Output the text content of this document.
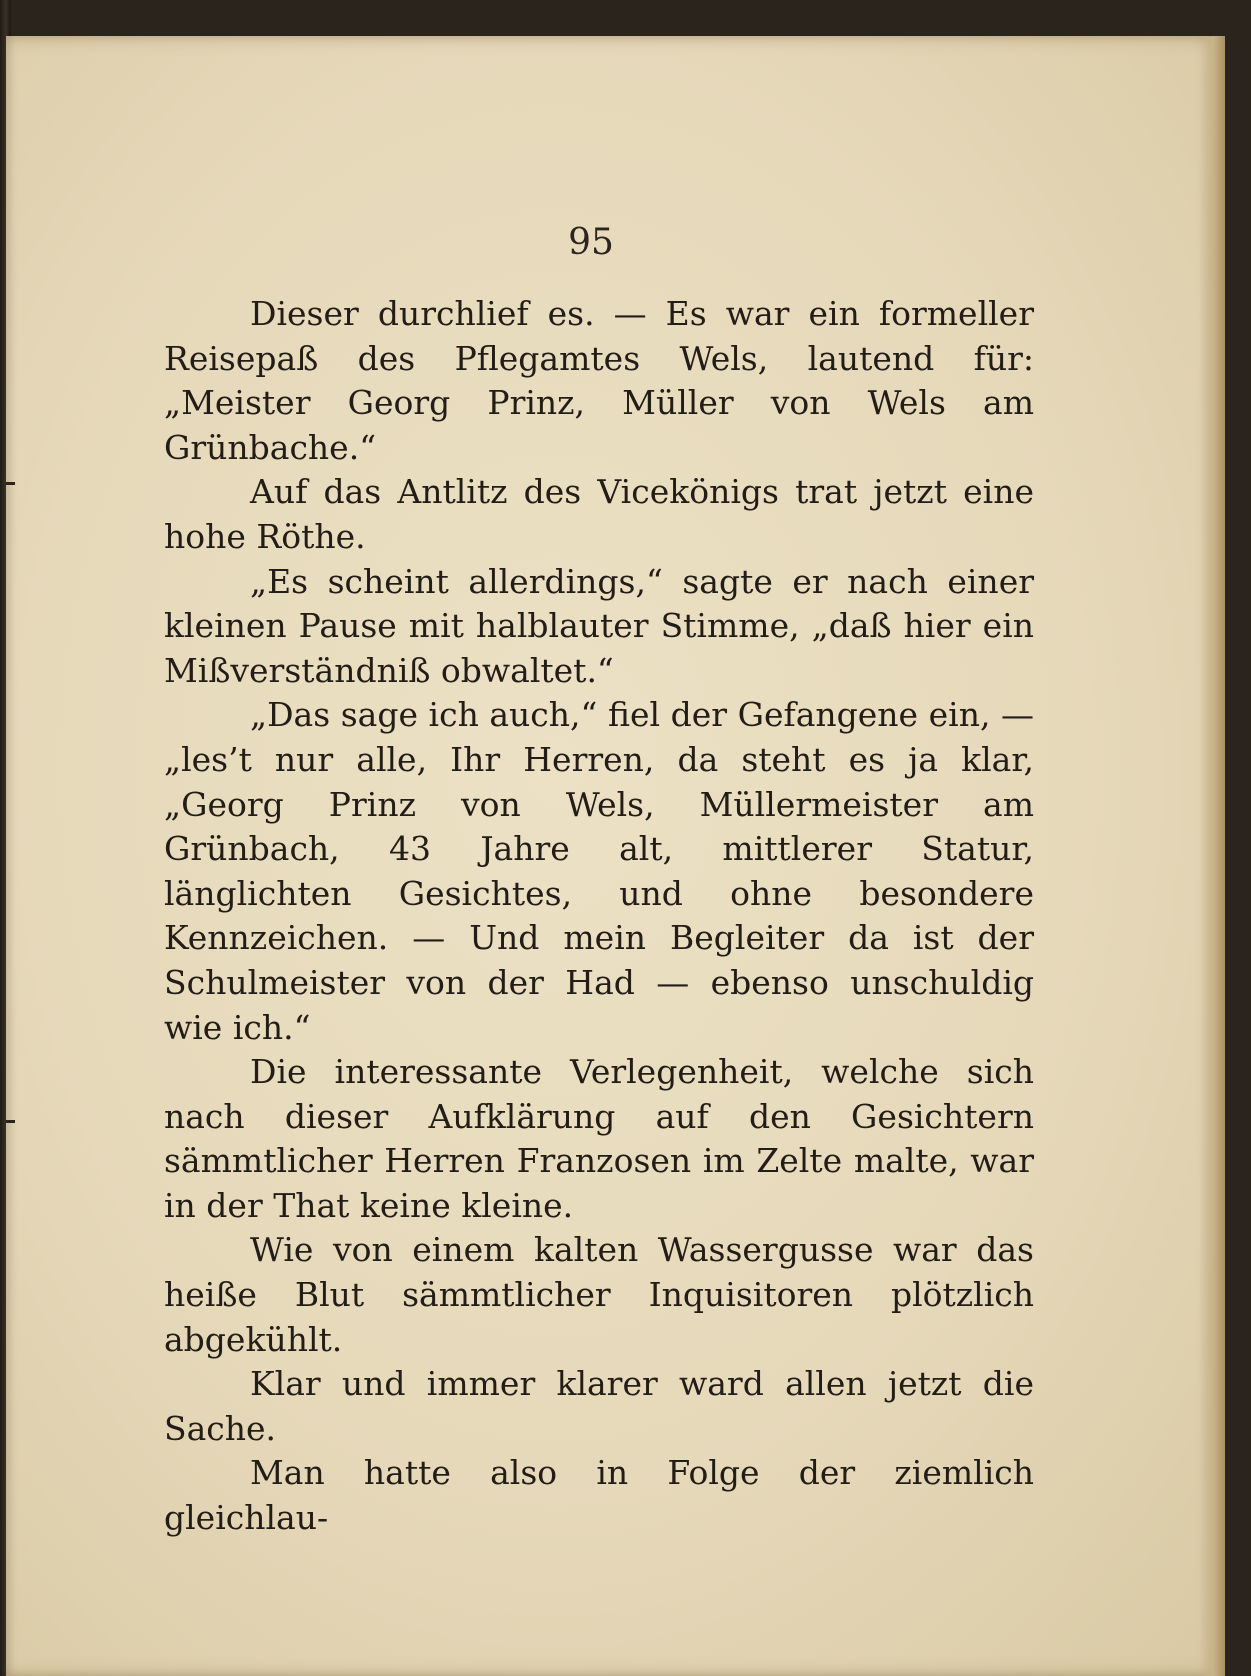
95

Dieser durchlief es. — Es war ein formeller Reisepaß des Pflegamtes Wels, lautend für: „Meister Georg Prinz, Müller von Wels am Grünbache.“

Auf das Antlitz des Vicekönigs trat jetzt eine hohe Röthe.

„Es scheint allerdings,“ sagte er nach einer kleinen Pause mit halblauter Stimme, „daß hier ein Mißverständniß obwaltet.“

„Das sage ich auch,“ fiel der Gefangene ein, — „les’t nur alle, Ihr Herren, da steht es ja klar, „Georg Prinz von Wels, Müllermeister am Grünbach, 43 Jahre alt, mittlerer Statur, länglichten Gesichtes, und ohne besondere Kennzeichen. — Und mein Begleiter da ist der Schulmeister von der Had — ebenso unschuldig wie ich.“

Die interessante Verlegenheit, welche sich nach dieser Aufklärung auf den Gesichtern sämmtlicher Herren Franzosen im Zelte malte, war in der That keine kleine.

Wie von einem kalten Wassergusse war das heiße Blut sämmtlicher Inquisitoren plötzlich abgekühlt.

Klar und immer klarer ward allen jetzt die Sache.

Man hatte also in Folge der ziemlich gleichlau-
